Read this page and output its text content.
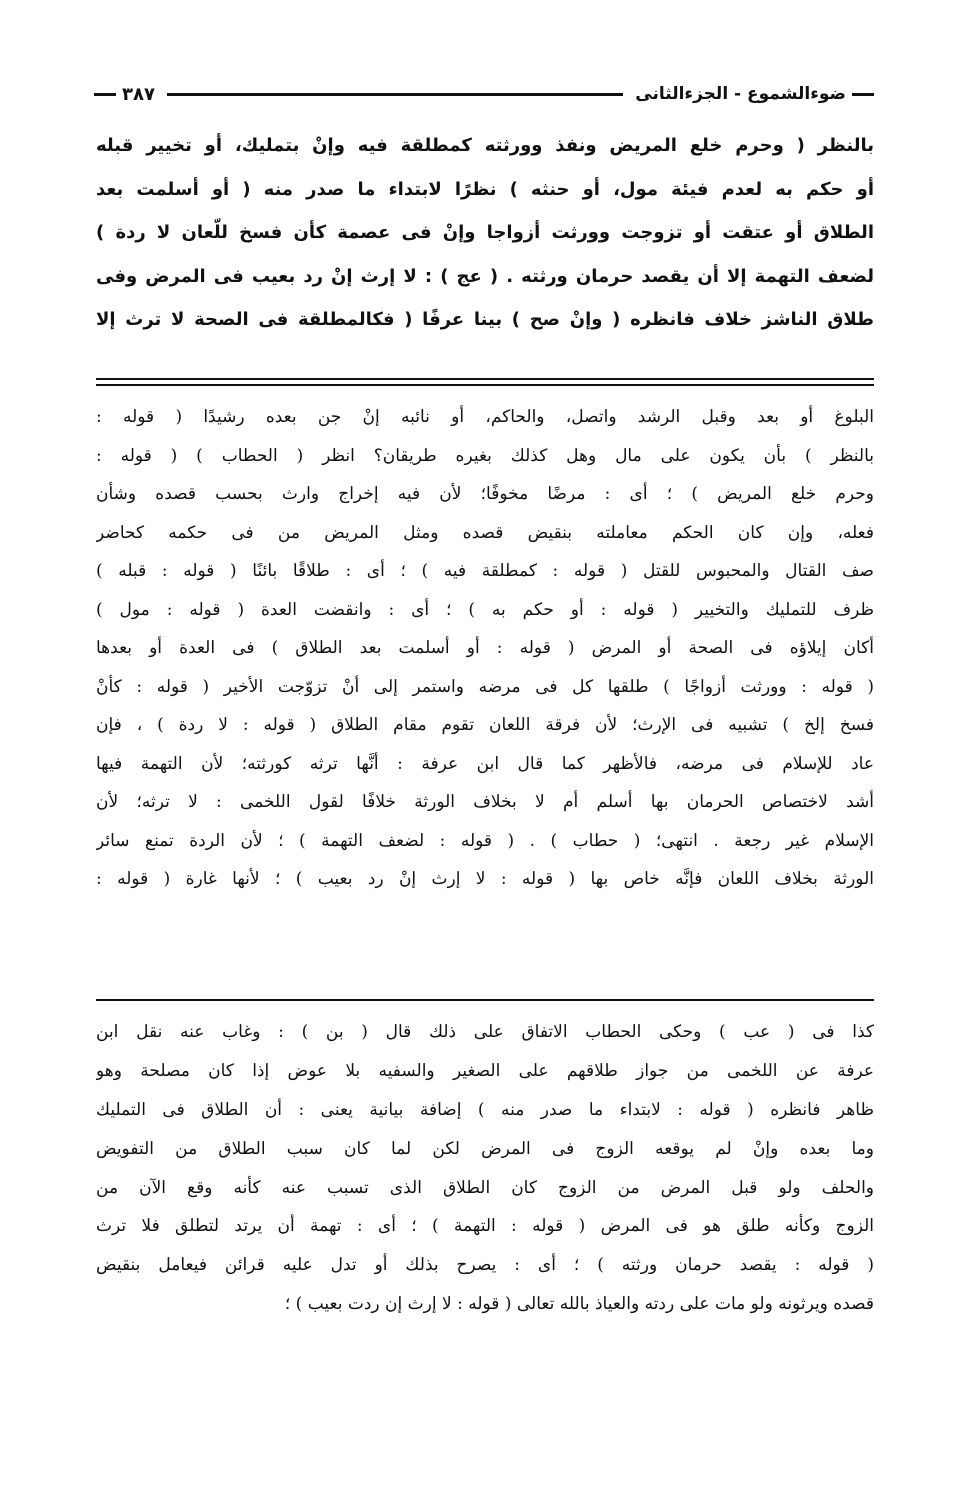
ضوءالشموع - الجزءالثانى
٣٨٧
بالنظر ( وحرم خلع المريض ونفذ وورثته كمطلقة فيه وإنْ بتمليك، أو تخيير قبله
أو حكم به لعدم فيئة مول، أو حنثه ) نظرًا لابتداء ما صدر منه ( أو أسلمت بعد
الطلاق أو عتقت أو تزوجت وورثت أزواجا وإنْ فى عصمة كأن فسخ للّعان لا ردة )
لضعف التهمة إلا أن يقصد حرمان ورثته . ( عج ) : لا إرث إنْ رد بعيب فى المرض وفى
طلاق الناشز خلاف فانظره ( وإنْ صح ) بينا عرفًا ( فكالمطلقة فى الصحة لا ترث إلا
البلوغ أو بعد وقبل الرشد واتصل، والحاكم، أو نائبه إنْ جن بعده رشيدًا ( قوله :
بالنظر ) بأن يكون على مال وهل كذلك بغيره طريقان؟ انظر ( الحطاب ) ( قوله :
وحرم خلع المريض ) ؛ أى : مرضًا مخوفًا؛ لأن فيه إخراج وارث بحسب قصده وشأن
فعله، وإن كان الحكم معاملته بنقيض قصده ومثل المريض من فى حكمه كحاضر
صف القتال والمحبوس للقتل ( قوله : كمطلقة فيه ) ؛ أى : طلاقًا بائنًا ( قوله : قبله )
ظرف للتمليك والتخيير ( قوله : أو حكم به ) ؛ أى : وانقضت العدة ( قوله : مول )
أكان إيلاؤه فى الصحة أو المرض ( قوله : أو أسلمت بعد الطلاق ) فى العدة أو بعدها
( قوله : وورثت أزواجًا ) طلقها كل فى مرضه واستمر إلى أنْ تزوّجت الأخير ( قوله : كأنْ
فسخ إلخ ) تشبيه فى الإرث؛ لأن فرقة اللعان تقوم مقام الطلاق ( قوله : لا ردة ) ، فإن
عاد للإسلام فى مرضه، فالأظهر كما قال ابن عرفة : أنَّها ترثه كورثته؛ لأن التهمة فيها
أشد لاختصاص الحرمان بها أسلم أم لا بخلاف الورثة خلافًا لقول اللخمى : لا ترثه؛ لأن
الإسلام غير رجعة . انتهى؛ ( حطاب ) . ( قوله : لضعف التهمة ) ؛ لأن الردة تمنع سائر
الورثة بخلاف اللعان فإنَّه خاص بها ( قوله : لا إرث إنْ رد بعيب ) ؛ لأنها غارة ( قوله :
كذا فى ( عب ) وحكى الحطاب الاتفاق على ذلك قال ( بن ) : وغاب عنه نقل ابن
عرفة عن اللخمى من جواز طلاقهم على الصغير والسفيه بلا عوض إذا كان مصلحة وهو
ظاهر فانظره ( قوله : لابتداء ما صدر منه ) إضافة بيانية يعنى : أن الطلاق فى التمليك
وما بعده وإنْ لم يوقعه الزوج فى المرض لكن لما كان سبب الطلاق من التفويض
والحلف ولو قبل المرض من الزوج كان الطلاق الذى تسبب عنه كأنه وقع الآن من
الزوج وكأنه طلق هو فى المرض ( قوله : التهمة ) ؛ أى : تهمة أن يرتد لتطلق فلا ترث
( قوله : يقصد حرمان ورثته ) ؛ أى : يصرح بذلك أو تدل عليه قرائن فيعامل بنقيض
قصده ويرثونه ولو مات على ردته والعياذ بالله تعالى ( قوله : لا إرث إن ردت بعيب ) ؛
